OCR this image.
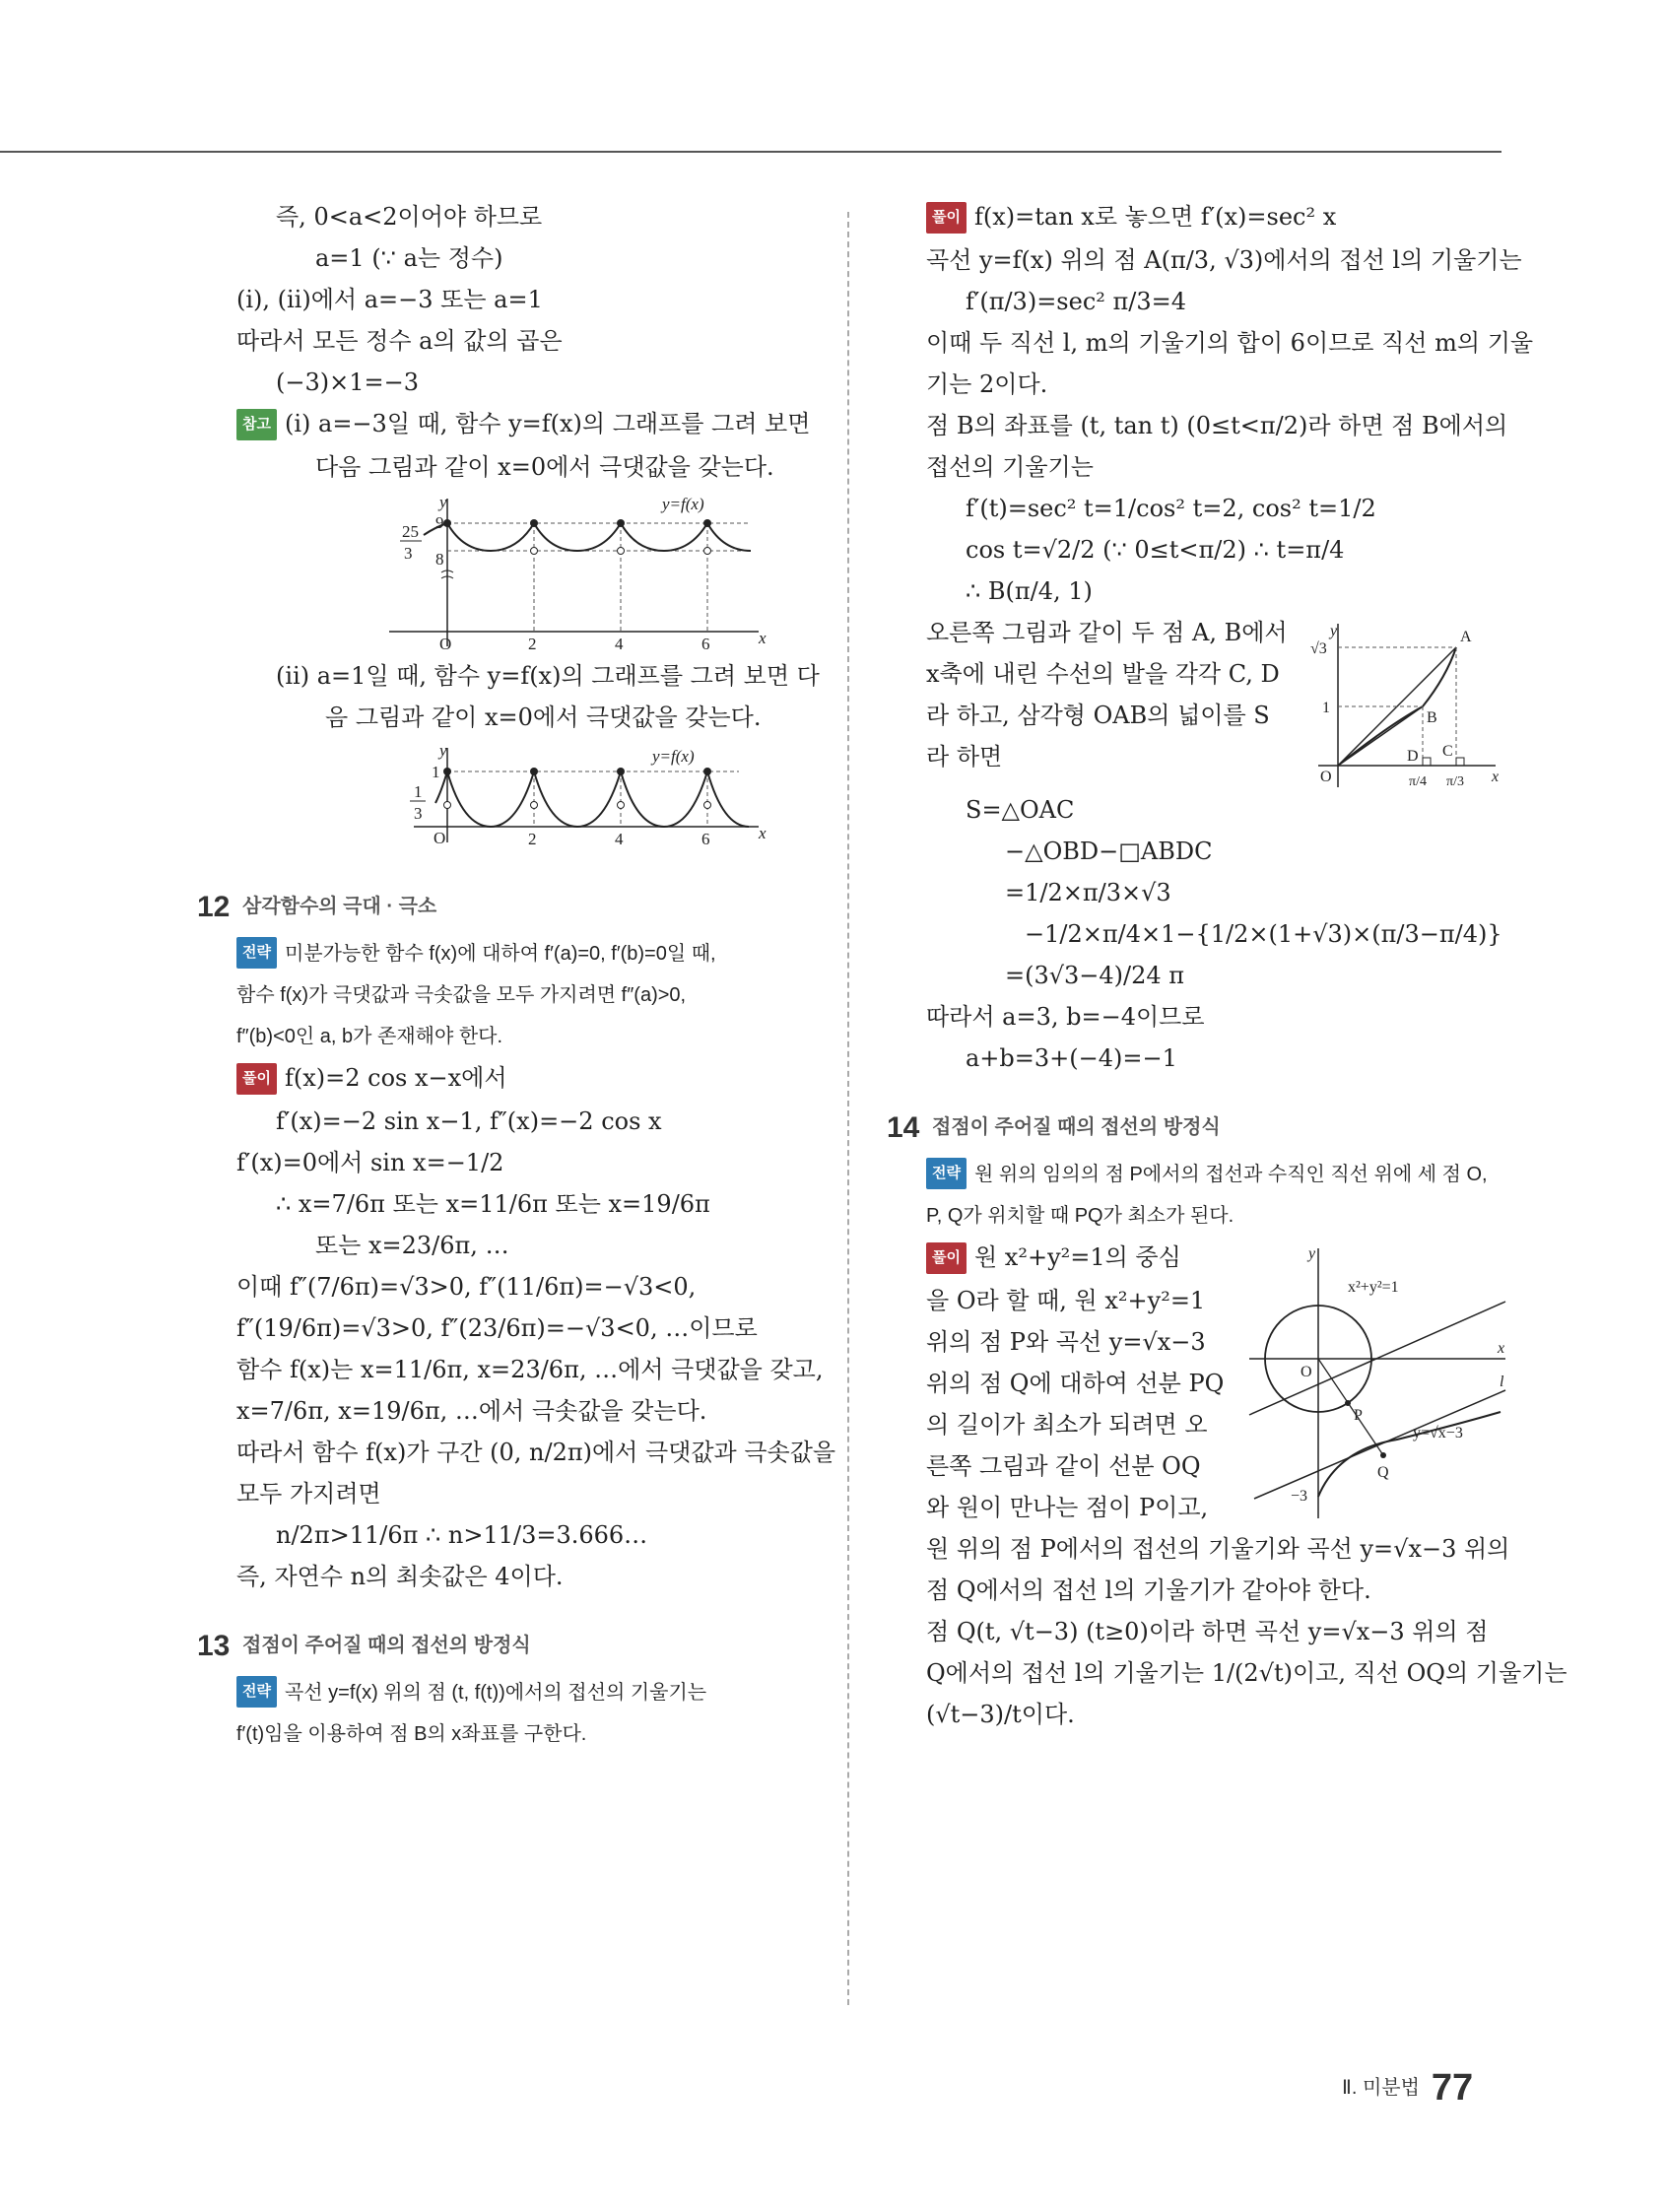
즉, 0<a<2이어야 하므로
a=1 (∵ a는 정수)
(ⅰ), (ⅱ)에서 a=−3 또는 a=1
따라서 모든 정수 a의 값의 곱은
(−3)×1=−3
참고 (ⅰ) a=−3일 때, 함수 y=f(x)의 그래프를 그려 보면
다음 그림과 같이 x=0에서 극댓값을 갖는다.
y
9
8
25
3
O	2	4	6	x
y=f(x)
(ⅱ) a=1일 때, 함수 y=f(x)의 그래프를 그려 보면 다
음 그림과 같이 x=0에서 극댓값을 갖는다.
y
1
1
3
O	2	4	6	x
y=f(x)
12 삼각함수의 극대 · 극소
전략 미분가능한 함수 f(x)에 대하여 f′(a)=0, f′(b)=0일 때,
함수 f(x)가 극댓값과 극솟값을 모두 가지려면 f″(a)>0,
f″(b)<0인 a, b가 존재해야 한다.
풀이 f(x)=2 cos x−x에서
f′(x)=−2 sin x−1, f″(x)=−2 cos x
f′(x)=0에서 sin x=−1/2
∴ x=7/6π 또는 x=11/6π 또는 x=19/6π
또는 x=23/6π, …
이때 f″(7/6π)=√3>0, f″(11/6π)=−√3<0,
f″(19/6π)=√3>0, f″(23/6π)=−√3<0, …이므로
함수 f(x)는 x=11/6π, x=23/6π, …에서 극댓값을 갖고,
x=7/6π, x=19/6π, …에서 극솟값을 갖는다.
따라서 함수 f(x)가 구간 (0, n/2π)에서 극댓값과 극솟값을
모두 가지려면
n/2π>11/6π ∴ n>11/3=3.666…
즉, 자연수 n의 최솟값은 4이다.
13 접점이 주어질 때의 접선의 방정식
전략 곡선 y=f(x) 위의 점 (t, f(t))에서의 접선의 기울기는
f′(t)임을 이용하여 점 B의 x좌표를 구한다.
풀이 f(x)=tan x로 놓으면 f′(x)=sec² x
곡선 y=f(x) 위의 점 A(π/3, √3)에서의 접선 l의 기울기는
f′(π/3)=sec² π/3=4
이때 두 직선 l, m의 기울기의 합이 6이므로 직선 m의 기울
기는 2이다.
점 B의 좌표를 (t, tan t) (0≤t<π/2)라 하면 점 B에서의
접선의 기울기는
f′(t)=sec² t=1/cos² t=2, cos² t=1/2
cos t=√2/2 (∵ 0≤t<π/2) ∴ t=π/4
∴ B(π/4, 1)
오른쪽 그림과 같이 두 점 A, B에서
x축에 내린 수선의 발을 각각 C, D
라 하고, 삼각형 OAB의 넓이를 S
라 하면
y
√3
1
O
A
B
D C
π/4 π/3 x
S=△OAC
−△OBD−□ABDC
=1/2×π/3×√3
−1/2×π/4×1−{1/2×(1+√3)×(π/3−π/4)}
=(3√3−4)/24 π
따라서 a=3, b=−4이므로
a+b=3+(−4)=−1
14 접점이 주어질 때의 접선의 방정식
전략 원 위의 임의의 점 P에서의 접선과 수직인 직선 위에 세 점 O,
P, Q가 위치할 때 PQ가 최소가 된다.
풀이 원 x²+y²=1의 중심
을 O라 할 때, 원 x²+y²=1
위의 점 P와 곡선 y=√x−3
위의 점 Q에 대하여 선분 PQ
의 길이가 최소가 되려면 오
른쪽 그림과 같이 선분 OQ
와 원이 만나는 점이 P이고,
y
O
x²+y²=1
x
l
P
Q
y=√x−3
−3
원 위의 점 P에서의 접선의 기울기와 곡선 y=√x−3 위의
점 Q에서의 접선 l의 기울기가 같아야 한다.
점 Q(t, √t−3) (t≥0)이라 하면 곡선 y=√x−3 위의 점
Q에서의 접선 l의 기울기는 1/(2√t)이고, 직선 OQ의 기울기는
(√t−3)/t이다.
Ⅱ. 미분법 77
